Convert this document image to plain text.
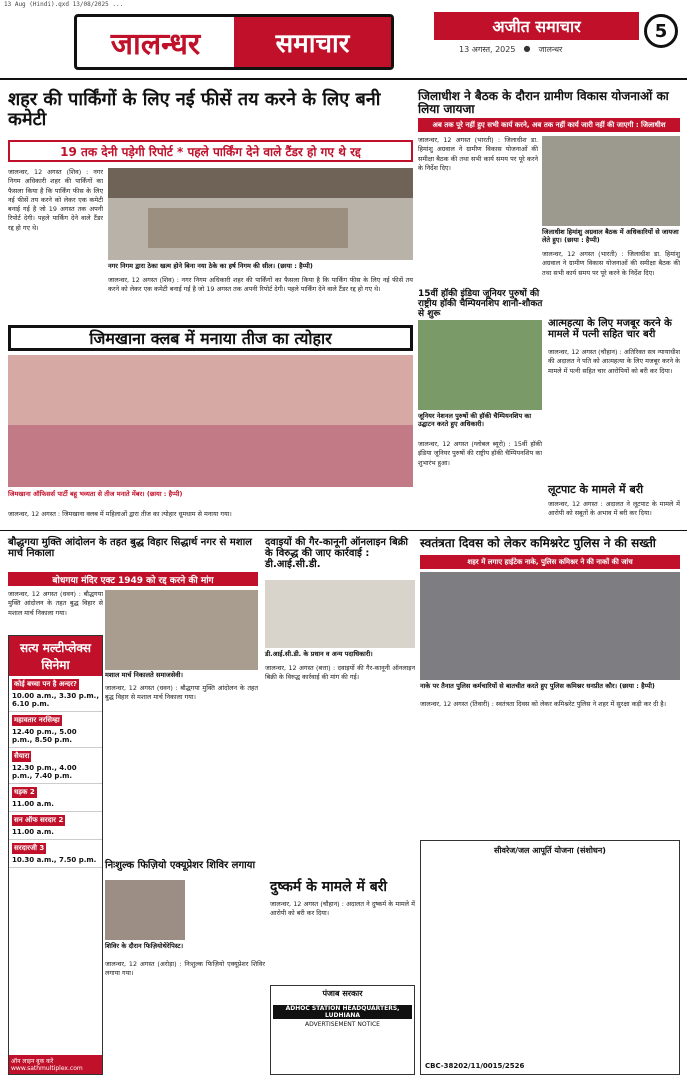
13 Aug (Hindi).qxd 13/08/2025 ...
जालन्धर	समाचार
अजीत समाचार
13 अगस्त, 2025 ● जालन्धर
5
शहर की पार्किंगों के लिए नई फीसें तय करने के लिए बनी कमेटी
19 तक देनी पड़ेगी रिपोर्ट * पहले पार्किंग देने वाले टैंडर हो गए थे रद्द
जालन्धर, 12 अगस्त (शिव) : नगर निगम अधिकारी शहर की पार्किंगों का फैसला किया है कि पार्किंग फीस के लिए नई फीसें तय करने को लेकर एक कमेटी बनाई गई है जो 19 अगस्त तक अपनी रिपोर्ट देगी। पहले पार्किंग देने वाले टैंडर रद्द हो गए थे।
नगर निगम द्वारा ठेका खत्म होने बिना नया ठेके का हर्ष निगम की सील। (छाया : हैप्पी)
जालन्धर, 12 अगस्त (शिव) : नगर निगम अधिकारी शहर की पार्किंगों का फैसला किया है कि पार्किंग फीस के लिए नई फीसें तय करने को लेकर एक कमेटी बनाई गई है जो 19 अगस्त तक अपनी रिपोर्ट देगी। पहले पार्किंग देने वाले टैंडर रद्द हो गए थे।
जिमखाना क्लब में मनाया तीज का त्योहार
जिमखाना ऑफिसर्स पार्टी बहू भव्यता से तीज मनाते मेंबर। (छाया : हैप्पी)
जालन्धर, 12 अगस्त : जिमखाना क्लब में महिलाओं द्वारा तीज का त्योहार धूमधाम से मनाया गया।
जिलाधीश ने बैठक के दौरान ग्रामीण विकास योजनाओं का लिया जायजा
अब तक पूरे नहीं हुए सभी कार्य करने, अब तक नहीं कार्य जारी नहीं की जाएगी : जिलाधीश
जालन्धर, 12 अगस्त (भारती) : जिलाधीश डा. हिमांशु अग्रवाल ने ग्रामीण विकास योजनाओं की समीक्षा बैठक की तथा सभी कार्य समय पर पूरे करने के निर्देश दिए।
जिलाधीश हिमांशु अग्रवाल बैठक में अधिकारियों से जायजा लेते हुए। (छाया : हैप्पी)
जालन्धर, 12 अगस्त (भारती) : जिलाधीश डा. हिमांशु अग्रवाल ने ग्रामीण विकास योजनाओं की समीक्षा बैठक की तथा सभी कार्य समय पर पूरे करने के निर्देश दिए।
15वीं हॉकी इंडिया जूनियर पुरुषों की राष्ट्रीय हॉकी चैम्पियनशिप शानौ-शौकत से शुरू
जूनियर नेशनल पुरुषों की हॉकी चैम्पियनशिप का उद्घाटन करते हुए अधिकारी।
जालन्धर, 12 अगस्त (ग्लोबल ब्यूरो) : 15वीं हॉकी इंडिया जूनियर पुरुषों की राष्ट्रीय हॉकी चैम्पियनशिप का शुभारंभ हुआ।
आत्महत्या के लिए मजबूर करने के मामले में पत्नी सहित चार बरी
जालन्धर, 12 अगस्त (चौहान) : अतिरिक्त सत्र न्यायाधीश की अदालत ने पति को आत्महत्या के लिए मजबूर करने के मामले में पत्नी सहित चार आरोपियों को बरी कर दिया।
लूटपाट के मामले में बरी
जालन्धर, 12 अगस्त : अदालत ने लूटपाट के मामले में आरोपी को सबूतों के अभाव में बरी कर दिया।
बौद्धगया मुक्ति आंदोलन के तहत बुद्ध विहार सिद्धार्थ नगर से मशाल मार्च निकाला
बोधगया मंदिर एक्ट 1949 को रद्द करने की मांग
जालन्धर, 12 अगस्त (धवन) : बौद्धगया मुक्ति आंदोलन के तहत बुद्ध विहार से मशाल मार्च निकाला गया।
मशाल मार्च निकालते समाजसेवी।
जालन्धर, 12 अगस्त (धवन) : बौद्धगया मुक्ति आंदोलन के तहत बुद्ध विहार से मशाल मार्च निकाला गया।
सत्य मल्टीप्लेक्स सिनेमा
कोई बच्चा पन है अन्दर?
10.00 a.m., 3.30 p.m., 6.10 p.m.
महावतार नरसिम्हा
12.40 p.m., 5.00 p.m., 8.50 p.m.
सैयारा
12.30 p.m., 4.00 p.m., 7.40 p.m.
धड़क 2
11.00 a.m.
सन ऑफ सरदार 2
11.00 a.m.
सरदारजी 3
10.30 a.m., 7.50 p.m.
ऑन लाइन बुक करें www.sathmultiplex.com
दवाइयों की गैर-कानूनी ऑनलाइन बिक्री के विरुद्ध की जाए कार्रवाई : डी.आई.सी.डी.
डी.आई.सी.डी. के प्रधान व अन्य पदाधिकारी।
जालन्धर, 12 अगस्त (बत्ता) : दवाइयों की गैर-कानूनी ऑनलाइन बिक्री के विरुद्ध कार्रवाई की मांग की गई।
निःशुल्क फिज़ियो एक्यूप्रेशर शिविर लगाया
शिविर के दौरान फिज़ियोथेरेपिस्ट।
जालन्धर, 12 अगस्त (अरोड़ा) : निःशुल्क फिज़ियो एक्यूप्रेशर शिविर लगाया गया।
दुष्कर्म के मामले में बरी
जालन्धर, 12 अगस्त (चौहान) : अदालत ने दुष्कर्म के मामले में आरोपी को बरी कर दिया।
पंजाब सरकार
ADHOC STATION HEADQUARTERS, LUDHIANA
ADVERTISEMENT NOTICE
स्वतंत्रता दिवस को लेकर कमिश्नरेट पुलिस ने की सख्ती
शहर में लगाए हाईटेक नाके, पुलिस कमिश्नर ने की नाकों की जांच
नाके पर तैनात पुलिस कर्मचारियों से बातचीत करते हुए पुलिस कमिश्नर धनप्रीत कौर। (छाया : हैप्पी)
जालन्धर, 12 अगस्त (तिवारी) : स्वतंत्रता दिवस को लेकर कमिश्नरेट पुलिस ने शहर में सुरक्षा कड़ी कर दी है।
सीवरेज/जल आपूर्ति योजना (संशोधन)
CBC-38202/11/0015/2526
